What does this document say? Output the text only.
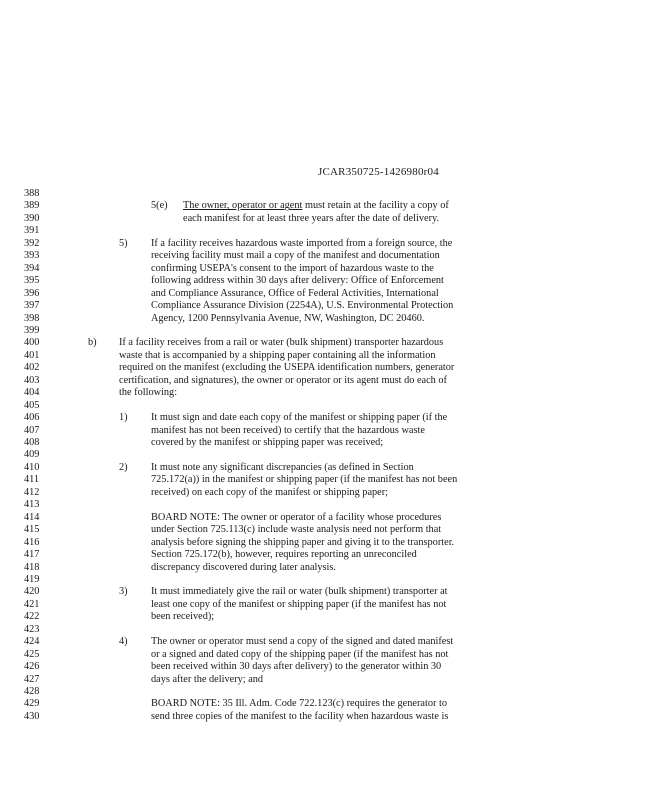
JCAR350725-1426980r04
388
389	5(e) The owner, operator or agent must retain at the facility a copy of
390	each manifest for at least three years after the date of delivery.
391
392	5) If a facility receives hazardous waste imported from a foreign source, the
393	receiving facility must mail a copy of the manifest and documentation
394	confirming USEPA's consent to the import of hazardous waste to the
395	following address within 30 days after delivery: Office of Enforcement
396	and Compliance Assurance, Office of Federal Activities, International
397	Compliance Assurance Division (2254A), U.S. Environmental Protection
398	Agency, 1200 Pennsylvania Avenue, NW, Washington, DC 20460.
399
400	b) If a facility receives from a rail or water (bulk shipment) transporter hazardous
401	waste that is accompanied by a shipping paper containing all the information
402	required on the manifest (excluding the USEPA identification numbers, generator
403	certification, and signatures), the owner or operator or its agent must do each of
404	the following:
405
406	1) It must sign and date each copy of the manifest or shipping paper (if the
407	manifest has not been received) to certify that the hazardous waste
408	covered by the manifest or shipping paper was received;
409
410	2) It must note any significant discrepancies (as defined in Section
411	725.172(a)) in the manifest or shipping paper (if the manifest has not been
412	received) on each copy of the manifest or shipping paper;
413
414	BOARD NOTE: The owner or operator of a facility whose procedures
415	under Section 725.113(c) include waste analysis need not perform that
416	analysis before signing the shipping paper and giving it to the transporter.
417	Section 725.172(b), however, requires reporting an unreconciled
418	discrepancy discovered during later analysis.
419
420	3) It must immediately give the rail or water (bulk shipment) transporter at
421	least one copy of the manifest or shipping paper (if the manifest has not
422	been received);
423
424	4) The owner or operator must send a copy of the signed and dated manifest
425	or a signed and dated copy of the shipping paper (if the manifest has not
426	been received within 30 days after delivery) to the generator within 30
427	days after the delivery; and
428
429	BOARD NOTE: 35 Ill. Adm. Code 722.123(c) requires the generator to
430	send three copies of the manifest to the facility when hazardous waste is
